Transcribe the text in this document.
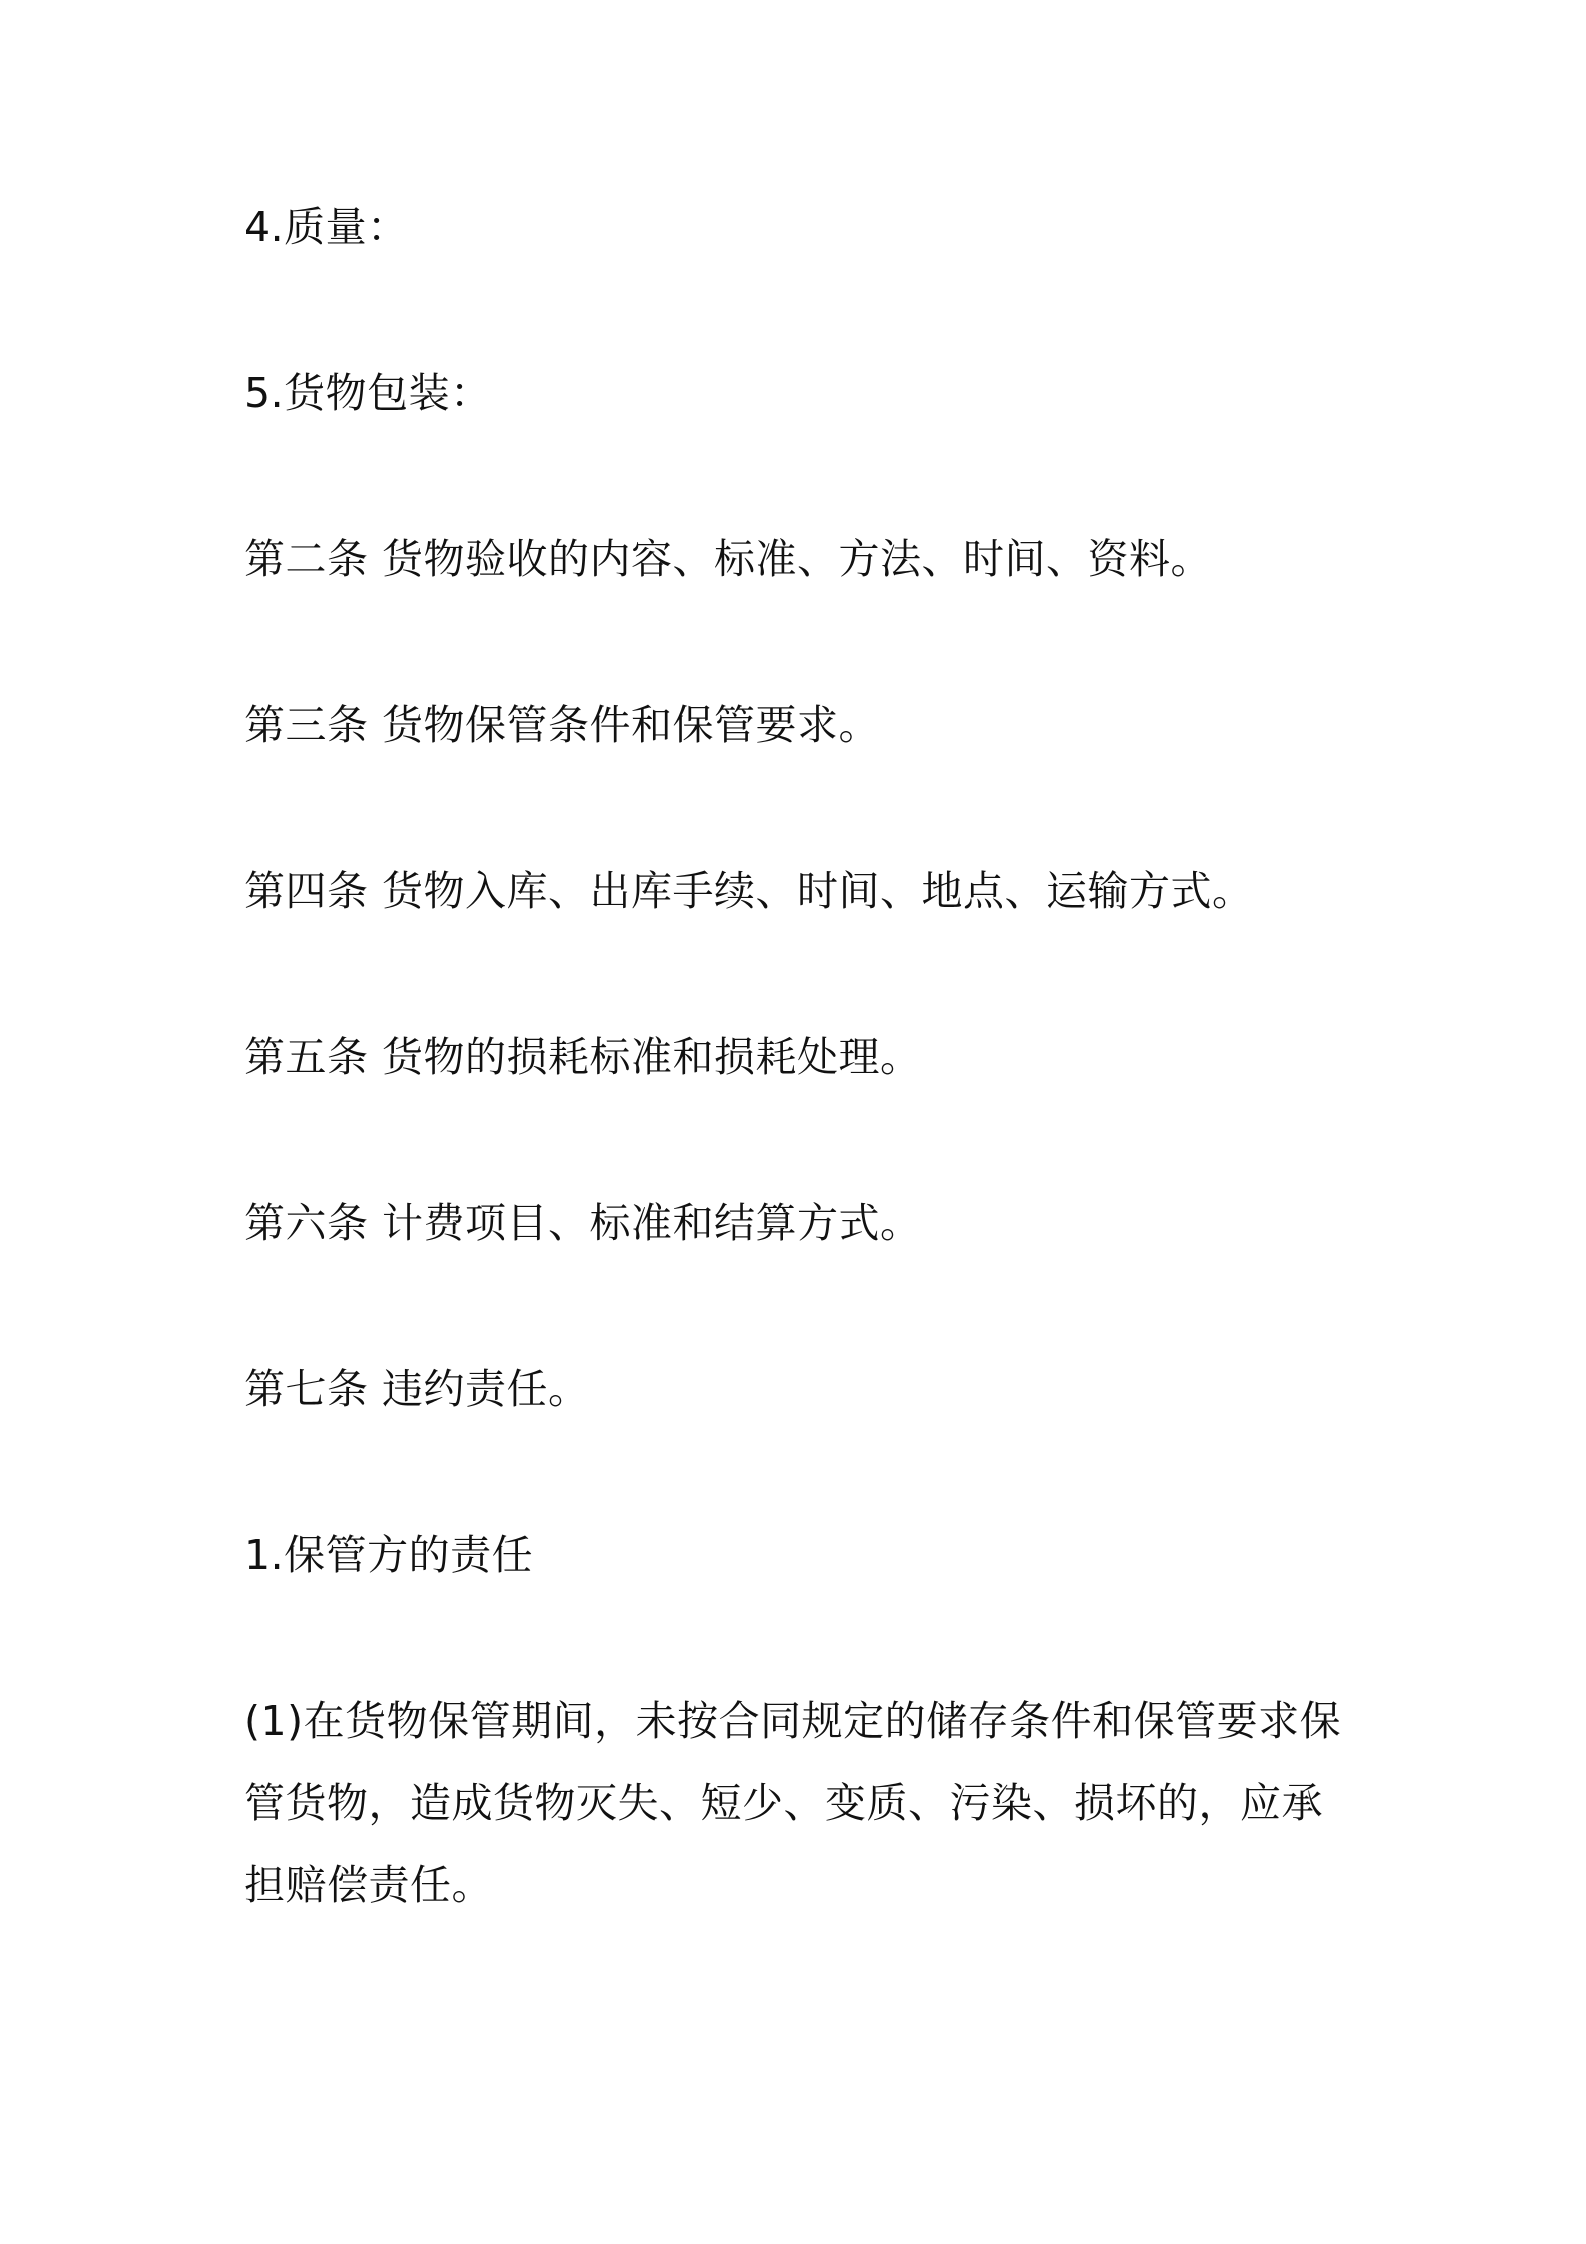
4.质量：
5.货物包装：
第二条 货物验收的内容、标准、方法、时间、资料。
第三条 货物保管条件和保管要求。
第四条 货物入库、出库手续、时间、地点、运输方式。
第五条 货物的损耗标准和损耗处理。
第六条 计费项目、标准和结算方式。
第七条 违约责任。
1.保管方的责任
(1)在货物保管期间，未按合同规定的储存条件和保管要求保
管货物，造成货物灭失、短少、变质、污染、损坏的，应承
担赔偿责任。
